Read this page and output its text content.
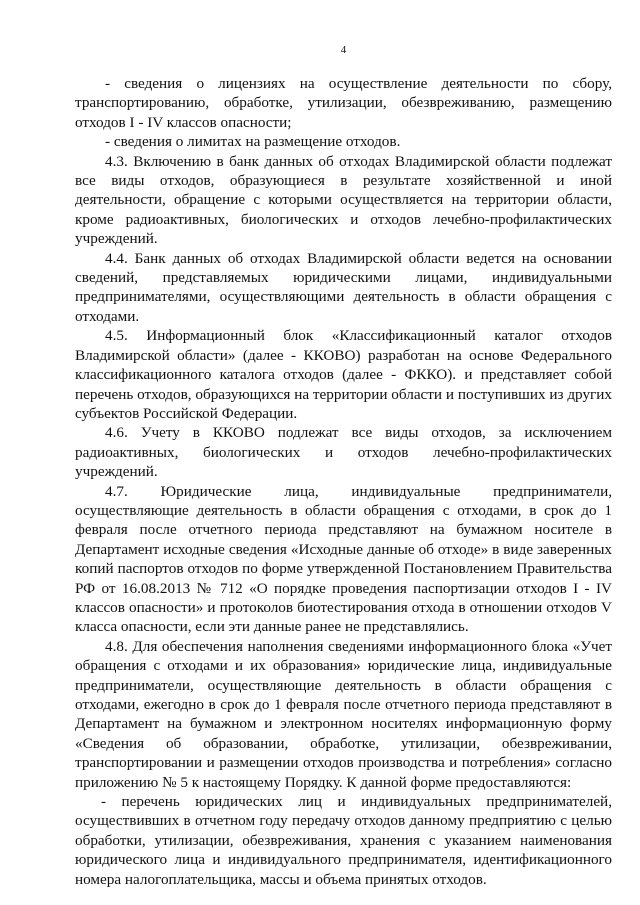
4

- сведения о лицензиях на осуществление деятельности по сбору, транспортированию, обработке, утилизации, обезвреживанию, размещению отходов I - IV классов опасности;

- сведения о лимитах на размещение отходов.

4.3. Включению в банк данных об отходах Владимирской области подлежат все виды отходов, образующиеся в результате хозяйственной и иной деятельности, обращение с которыми осуществляется на территории области, кроме радиоактивных, биологических и отходов лечебно-профилактических учреждений.

4.4. Банк данных об отходах Владимирской области ведется на основании сведений, представляемых юридическими лицами, индивидуальными предпринимателями, осуществляющими деятельность в области обращения с отходами.

4.5. Информационный блок «Классификационный каталог отходов Владимирской области» (далее - ККОВО) разработан на основе Федерального классификационного каталога отходов (далее - ФККО). и представляет собой перечень отходов, образующихся на территории области и поступивших из других субъектов Российской Федерации.

4.6. Учету в ККОВО подлежат все виды отходов, за исключением радиоактивных, биологических и отходов лечебно-профилактических учреждений.

4.7. Юридические лица, индивидуальные предприниматели, осуществляющие деятельность в области обращения с отходами, в срок до 1 февраля после отчетного периода представляют на бумажном носителе в Департамент исходные сведения «Исходные данные об отходе» в виде заверенных копий паспортов отходов по форме утвержденной Постановлением Правительства РФ от 16.08.2013 № 712 «О порядке проведения паспортизации отходов I - IV классов опасности» и протоколов биотестирования отхода в отношении отходов V класса опасности, если эти данные ранее не представлялись.

4.8. Для обеспечения наполнения сведениями информационного блока «Учет обращения с отходами и их образования» юридические лица, индивидуальные предприниматели, осуществляющие деятельность в области обращения с отходами, ежегодно в срок до 1 февраля после отчетного периода представляют в Департамент на бумажном и электронном носителях информационную форму «Сведения об образовании, обработке, утилизации, обезвреживании, транспортировании и размещении отходов производства и потребления» согласно приложению № 5 к настоящему Порядку. К данной форме предоставляются:

- перечень юридических лиц и индивидуальных предпринимателей, осуществивших в отчетном году передачу отходов данному предприятию с целью обработки, утилизации, обезвреживания, хранения с указанием наименования юридического лица и индивидуального предпринимателя, идентификационного номера налогоплательщика, массы и объема принятых отходов.
